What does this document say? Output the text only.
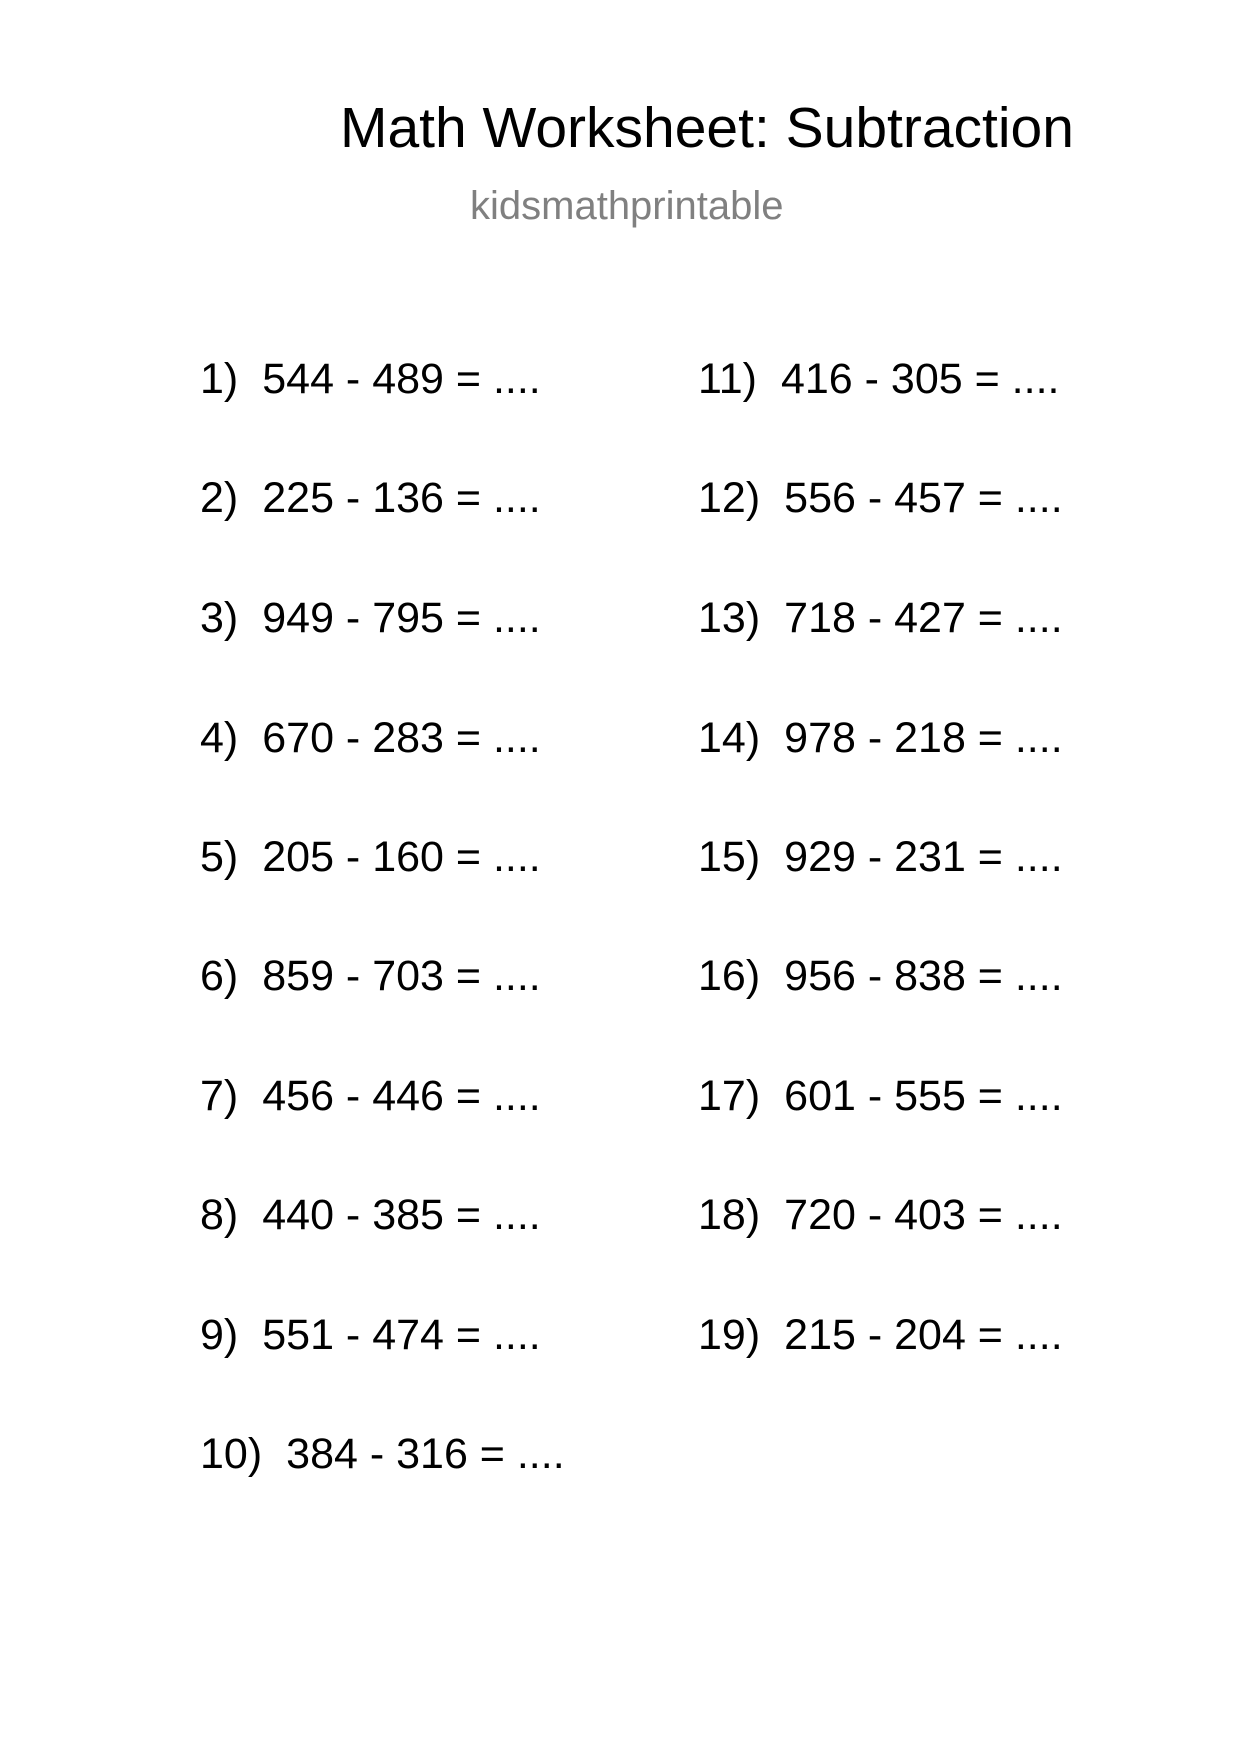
Math Worksheet: Subtraction
kidsmathprintable
1) 544 - 489 = ....
2) 225 - 136 = ....
3) 949 - 795 = ....
4) 670 - 283 = ....
5) 205 - 160 = ....
6) 859 - 703 = ....
7) 456 - 446 = ....
8) 440 - 385 = ....
9) 551 - 474 = ....
10) 384 - 316 = ....
11) 416 - 305 = ....
12) 556 - 457 = ....
13) 718 - 427 = ....
14) 978 - 218 = ....
15) 929 - 231 = ....
16) 956 - 838 = ....
17) 601 - 555 = ....
18) 720 - 403 = ....
19) 215 - 204 = ....
